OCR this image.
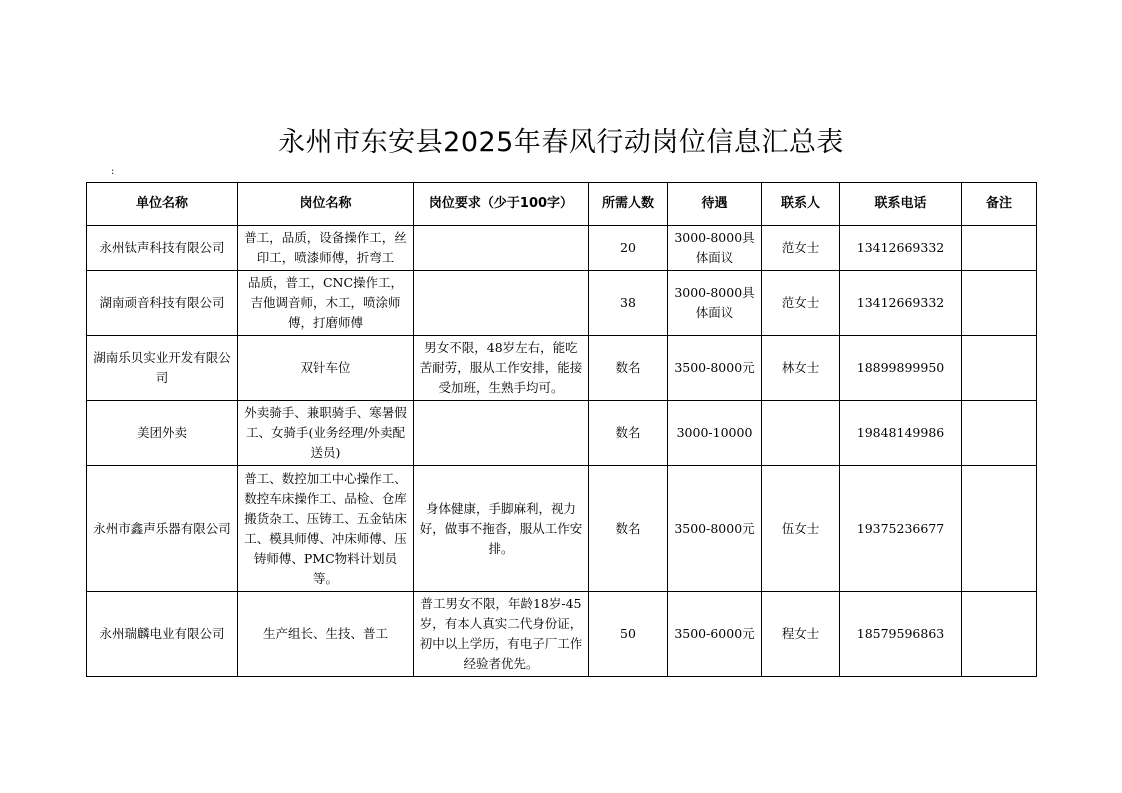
永州市东安县2025年春风行动岗位信息汇总表
:
单位名称	岗位名称	岗位要求（少于100字）	所需人数	待遇	联系人	联系电话	备注
永州钛声科技有限公司	普工，品质，设备操作工，丝印工，喷漆师傅，折弯工		20	3000-8000具体面议	范女士	13412669332	
湖南顽音科技有限公司	品质，普工，CNC操作工，吉他调音师，木工，喷涂师傅，打磨师傅		38	3000-8000具体面议	范女士	13412669332	
湖南乐贝实业开发有限公司	双针车位	男女不限，48岁左右，能吃苦耐劳，服从工作安排，能接受加班，生熟手均可。	数名	3500-8000元	林女士	18899899950	
美团外卖	外卖骑手、兼职骑手、寒暑假工、女骑手(业务经理/外卖配送员)		数名	3000-10000		19848149986	
永州市鑫声乐器有限公司	普工、数控加工中心操作工、数控车床操作工、品检、仓库搬货杂工、压铸工、五金钻床工、模具师傅、冲床师傅、压铸师傅、PMC物料计划员等。	身体健康，手脚麻利，视力好，做事不拖沓，服从工作安排。	数名	3500-8000元	伍女士	19375236677	
永州瑞麟电业有限公司	生产组长、生技、普工	普工男女不限，年龄18岁-45岁，有本人真实二代身份证，初中以上学历，有电子厂工作经验者优先。	50	3500-6000元	程女士	18579596863	
